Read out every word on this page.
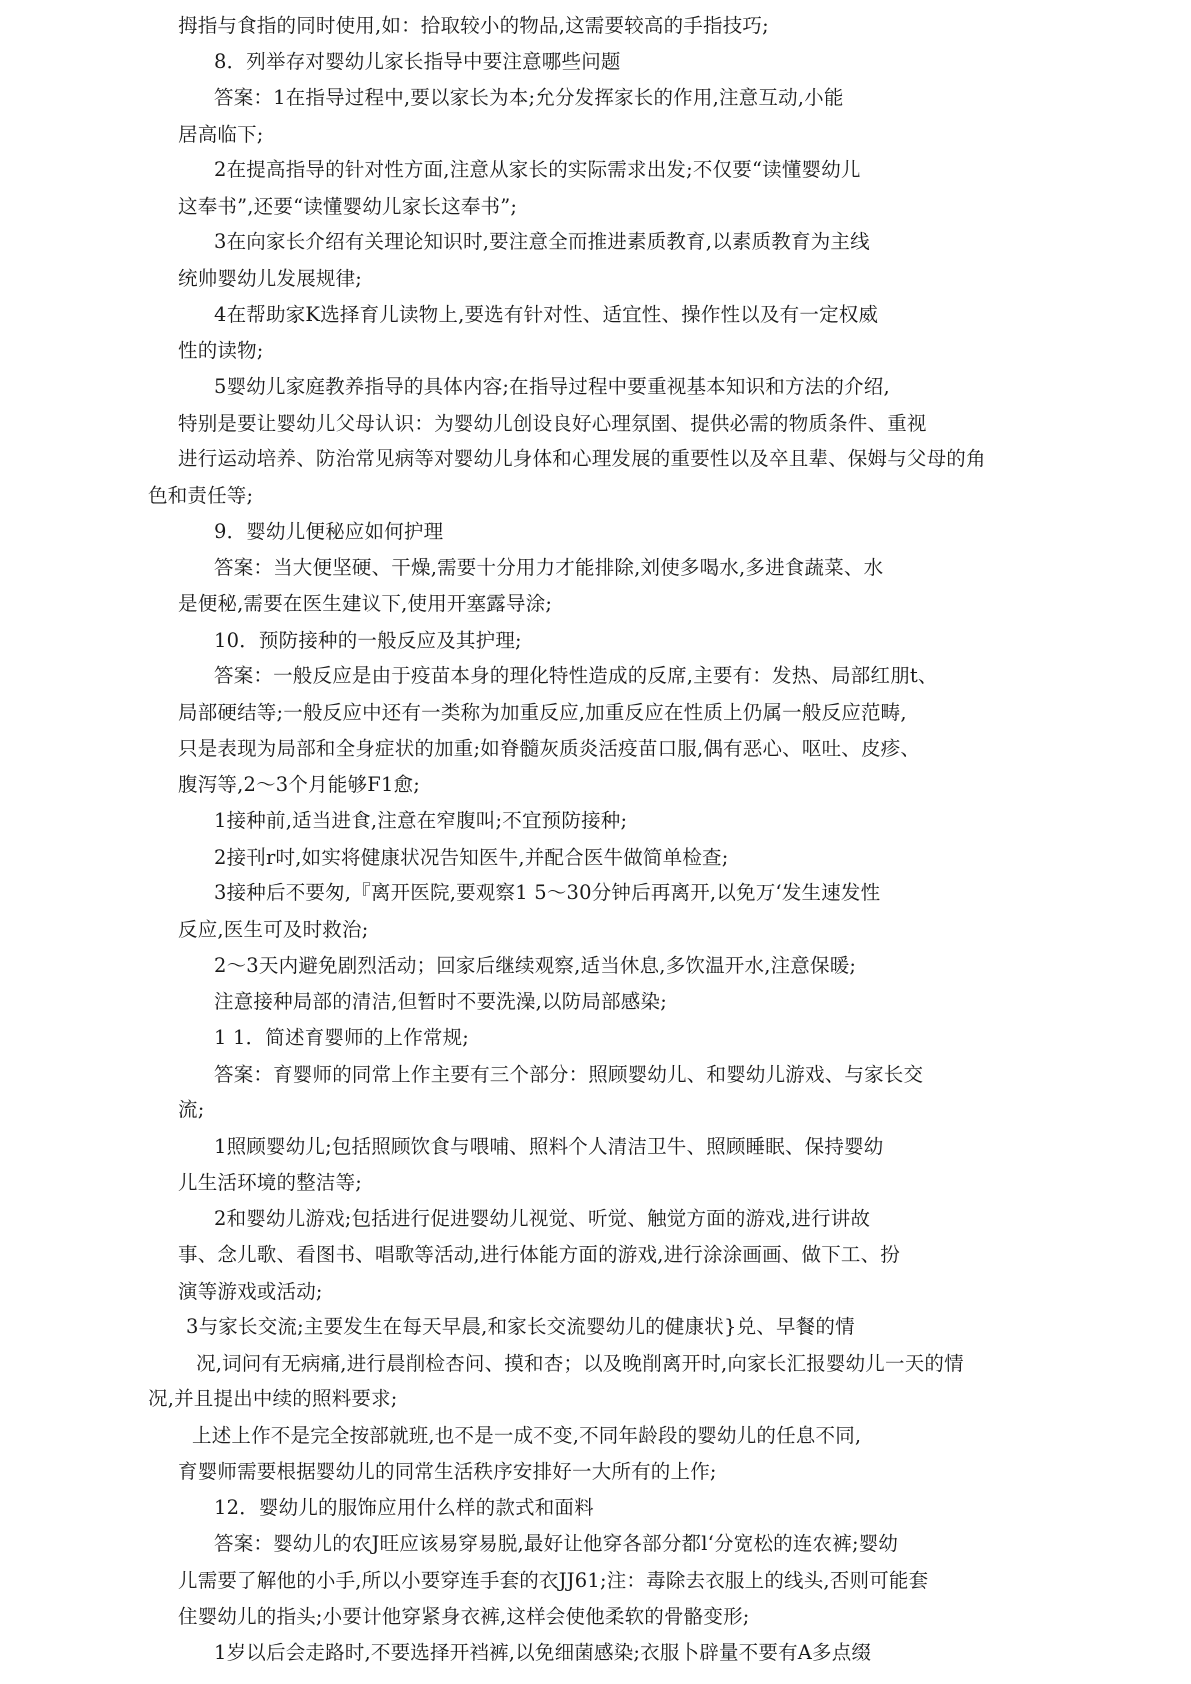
拇指与食指的同时使用,如：拾取较小的物品,这需要较高的手指技巧;
8．列举存对婴幼儿家长指导中要注意哪些问题
答案：1在指导过程中,要以家长为本;允分发挥家长的作用,注意互动,小能
居高临下;
2在提高指导的针对性方面,注意从家长的实际需求出发;不仅要“读懂婴幼儿
这奉书”,还要“读懂婴幼儿家长这奉书”;
3在向家长介绍有关理论知识时,要注意全而推进素质教育,以素质教育为主线
统帅婴幼儿发展规律;
4在帮助家K选择育儿读物上,要选有针对性、适宜性、操作性以及有一定权威
性的读物;
5婴幼儿家庭教养指导的具体内容;在指导过程中要重视基本知识和方法的介绍,
特别是要让婴幼儿父母认识：为婴幼儿创设良好心理氛圉、提供必需的物质条件、重视
进行运动培养、防治常见病等对婴幼儿身体和心理发展的重要性以及卒且辈、保姆与父母的角
色和责任等;
9．婴幼儿便秘应如何护理
答案：当大便坚硬、干燥,需要十分用力才能排除,刘使多喝水,多进食蔬菜、水
是便秘,需要在医生建议下,使用开塞露导涂;
10．预防接种的一般反应及其护理;
答案：一般反应是由于疫苗本身的理化特性造成的反席,主要有：发热、局部红朋t、
局部硬结等;一般反应中还有一类称为加重反应,加重反应在性质上仍属一般反应范畴,
只是表现为局部和全身症状的加重;如脊髓灰质炎活疫苗口服,偶有恶心、呕吐、皮疹、
腹泻等,2～3个月能够F1愈;
1接种前,适当进食,注意在窄腹叫;不宜预防接种;
2接刊r吋,如实将健康状况告知医牛,并配合医牛做简单检查;
3接种后不要匆,『离开医院,要观察1 5～30分钟后再离开,以免万‘发生速发性
反应,医生可及时救治;
2～3天内避免剧烈活动；回家后继续观察,适当休息,多饮温开水,注意保暖;
注意接种局部的清洁,但暂时不要洗澡,以防局部感染;
1 1．简述育婴师的上作常规;
答案：育婴师的同常上作主要有三个部分：照顾婴幼儿、和婴幼儿游戏、与家长交
流;
1照顾婴幼儿;包括照顾饮食与喂哺、照料个人清洁卫牛、照顾睡眠、保持婴幼
儿生活环境的整洁等;
2和婴幼儿游戏;包括进行促进婴幼儿视觉、听觉、触觉方面的游戏,进行讲故
事、念儿歌、看图书、唱歌等活动,进行体能方面的游戏,进行涂涂画画、做下工、扮
演等游戏或活动;
3与家长交流;主要发生在每天早晨,和家长交流婴幼儿的健康状}兑、早餐的情
况,词问有无病痛,进行晨削检杏问、摸和杏；以及晚削离开时,向家长汇报婴幼儿一天的情
况,并且提出中续的照料要求;
上述上作不是完全按部就班,也不是一成不变,不同年龄段的婴幼儿的任息不同,
育婴师需要根据婴幼儿的同常生活秩序安排好一大所有的上作;
12．婴幼儿的服饰应用什么样的款式和面料
答案：婴幼儿的农J旺应该易穿易脱,最好让他穿各部分都l‘分宽松的连农裤;婴幼
儿需要了解他的小手,所以小要穿连手套的衣JJ61;注：毒除去衣服上的线头,否则可能套
住婴幼儿的指头;小要计他穿紧身衣裤,这样会使他柔软的骨骼变形;
1岁以后会走路时,不要选择开裆裤,以免细菌感染;衣服卜辟量不要有A多点缀
